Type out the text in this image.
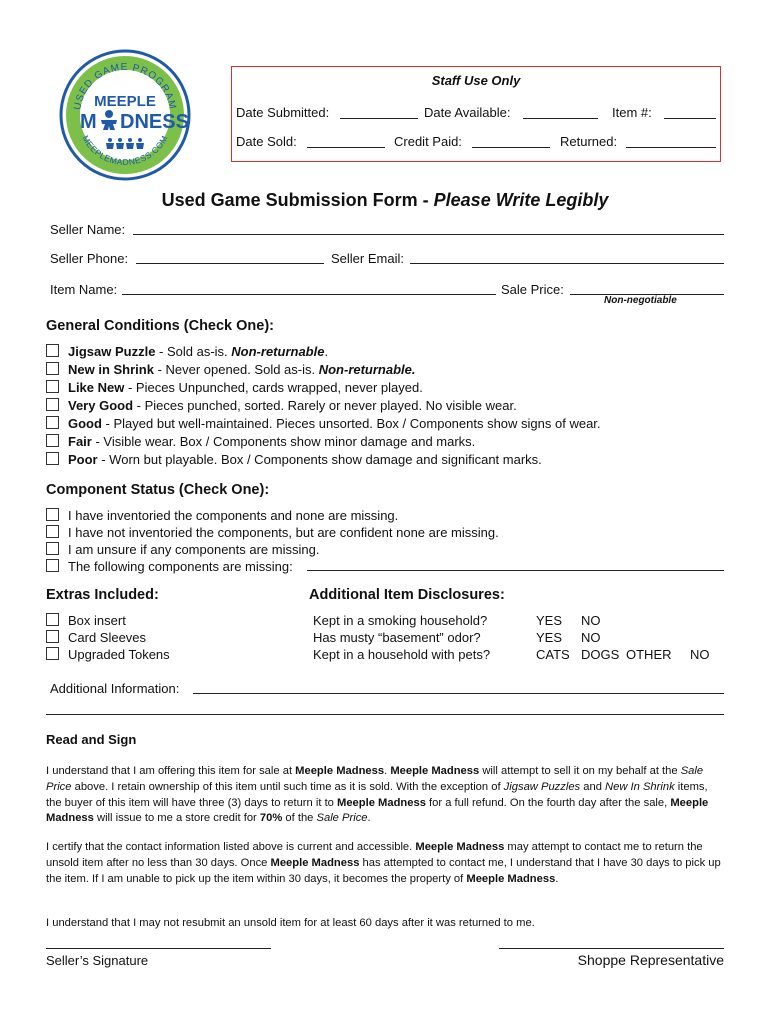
USED GAME PROGRAM
MEEPLEMADNESS.COM
MEEPLE
M DNESS
Staff Use Only
Date Submitted:	Date Available:	Item #:
Date Sold:	Credit Paid:	Returned:
Used Game Submission Form - Please Write Legibly
Seller Name:
Seller Phone:	Seller Email:
Item Name:	Sale Price:
Non-negotiable
General Conditions (Check One):
Jigsaw Puzzle - Sold as-is. Non-returnable.
New in Shrink - Never opened. Sold as-is. Non-returnable.
Like New - Pieces Unpunched, cards wrapped, never played.
Very Good - Pieces punched, sorted. Rarely or never played. No visible wear.
Good - Played but well-maintained. Pieces unsorted. Box / Components show signs of wear.
Fair - Visible wear. Box / Components show minor damage and marks.
Poor - Worn but playable. Box / Components show damage and significant marks.
Component Status (Check One):
I have inventoried the components and none are missing.
I have not inventoried the components, but are confident none are missing.
I am unsure if any components are missing.
The following components are missing:
Extras Included:
Box insert
Card Sleeves
Upgraded Tokens
Additional Item Disclosures:
Kept in a smoking household?	YES NO
Has musty “basement” odor?	YES NO
Kept in a household with pets?	CATS DOGS OTHER NO
Additional Information:
Read and Sign
I understand that I am offering this item for sale at Meeple Madness. Meeple Madness will attempt to sell it on my behalf at the Sale Price above. I retain ownership of this item until such time as it is sold. With the exception of Jigsaw Puzzles and New In Shrink items, the buyer of this item will have three (3) days to return it to Meeple Madness for a full refund. On the fourth day after the sale, Meeple Madness will issue to me a store credit for 70% of the Sale Price.
I certify that the contact information listed above is current and accessible. Meeple Madness may attempt to contact me to return the unsold item after no less than 30 days. Once Meeple Madness has attempted to contact me, I understand that I have 30 days to pick up the item. If I am unable to pick up the item within 30 days, it becomes the property of Meeple Madness.
I understand that I may not resubmit an unsold item for at least 60 days after it was returned to me.
Seller’s Signature	Shoppe Representative
